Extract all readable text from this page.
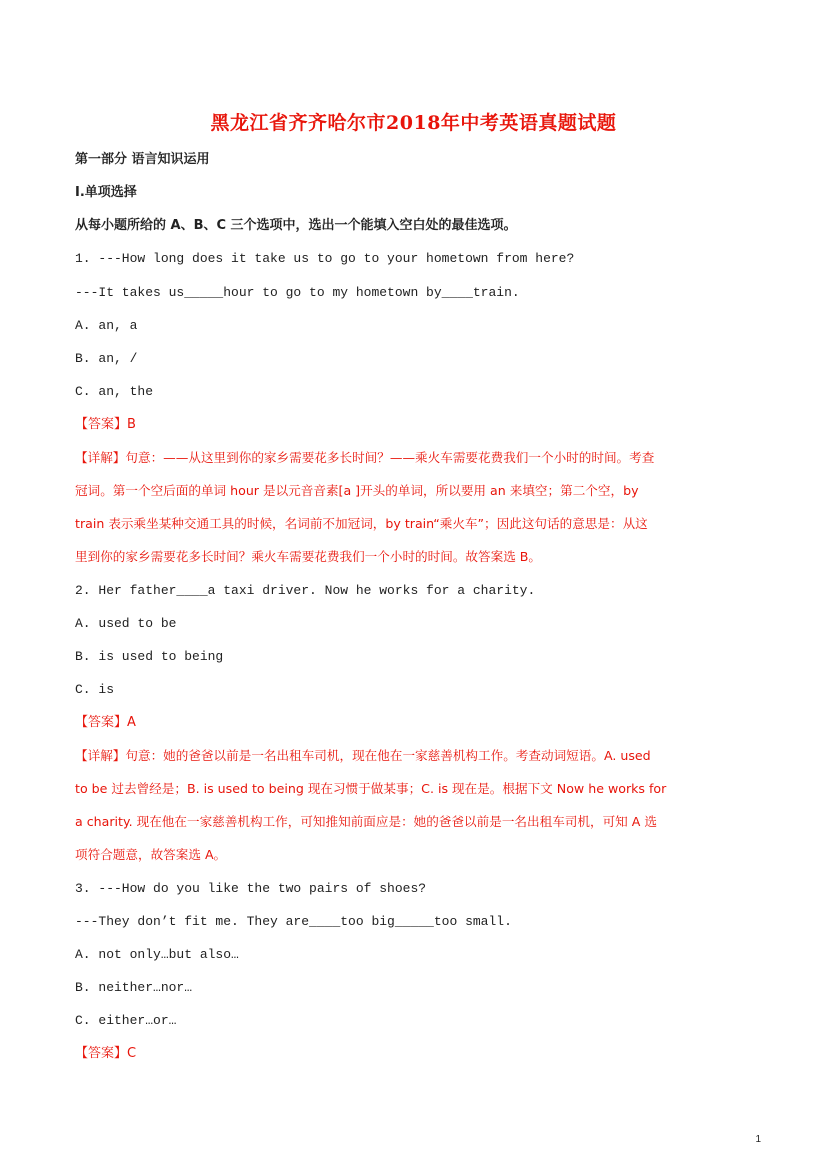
黑龙江省齐齐哈尔市2018年中考英语真题试题
第一部分 语言知识运用
Ⅰ.单项选择
从每小题所给的 A、B、C 三个选项中，选出一个能填入空白处的最佳选项。
1. ---How long does it take us to go to your hometown from here?
---It takes us_____hour to go to my hometown by____train.
A. an, a
B. an, /
C. an, the
【答案】B
【详解】句意：——从这里到你的家乡需要花多长时间？——乘火车需要花费我们一个小时的时间。考查
冠词。第一个空后面的单词 hour 是以元音音素[a ]开头的单词，所以要用 an 来填空；第二个空，by
train 表示乘坐某种交通工具的时候，名词前不加冠词，by train“乘火车”；因此这句话的意思是：从这
里到你的家乡需要花多长时间？乘火车需要花费我们一个小时的时间。故答案选 B。
2. Her father____a taxi driver. Now he works for a charity.
A. used to be
B. is used to being
C. is
【答案】A
【详解】句意：她的爸爸以前是一名出租车司机，现在他在一家慈善机构工作。考查动词短语。A. used
to be 过去曾经是；B. is used to being 现在习惯于做某事；C. is 现在是。根据下文 Now he works for
a charity. 现在他在一家慈善机构工作，可知推知前面应是：她的爸爸以前是一名出租车司机，可知 A 选
项符合题意，故答案选 A。
3. ---How do you like the two pairs of shoes?
---They don’t fit me. They are____too big_____too small.
A. not only…but also…
B. neither…nor…
C. either…or…
【答案】C
1
